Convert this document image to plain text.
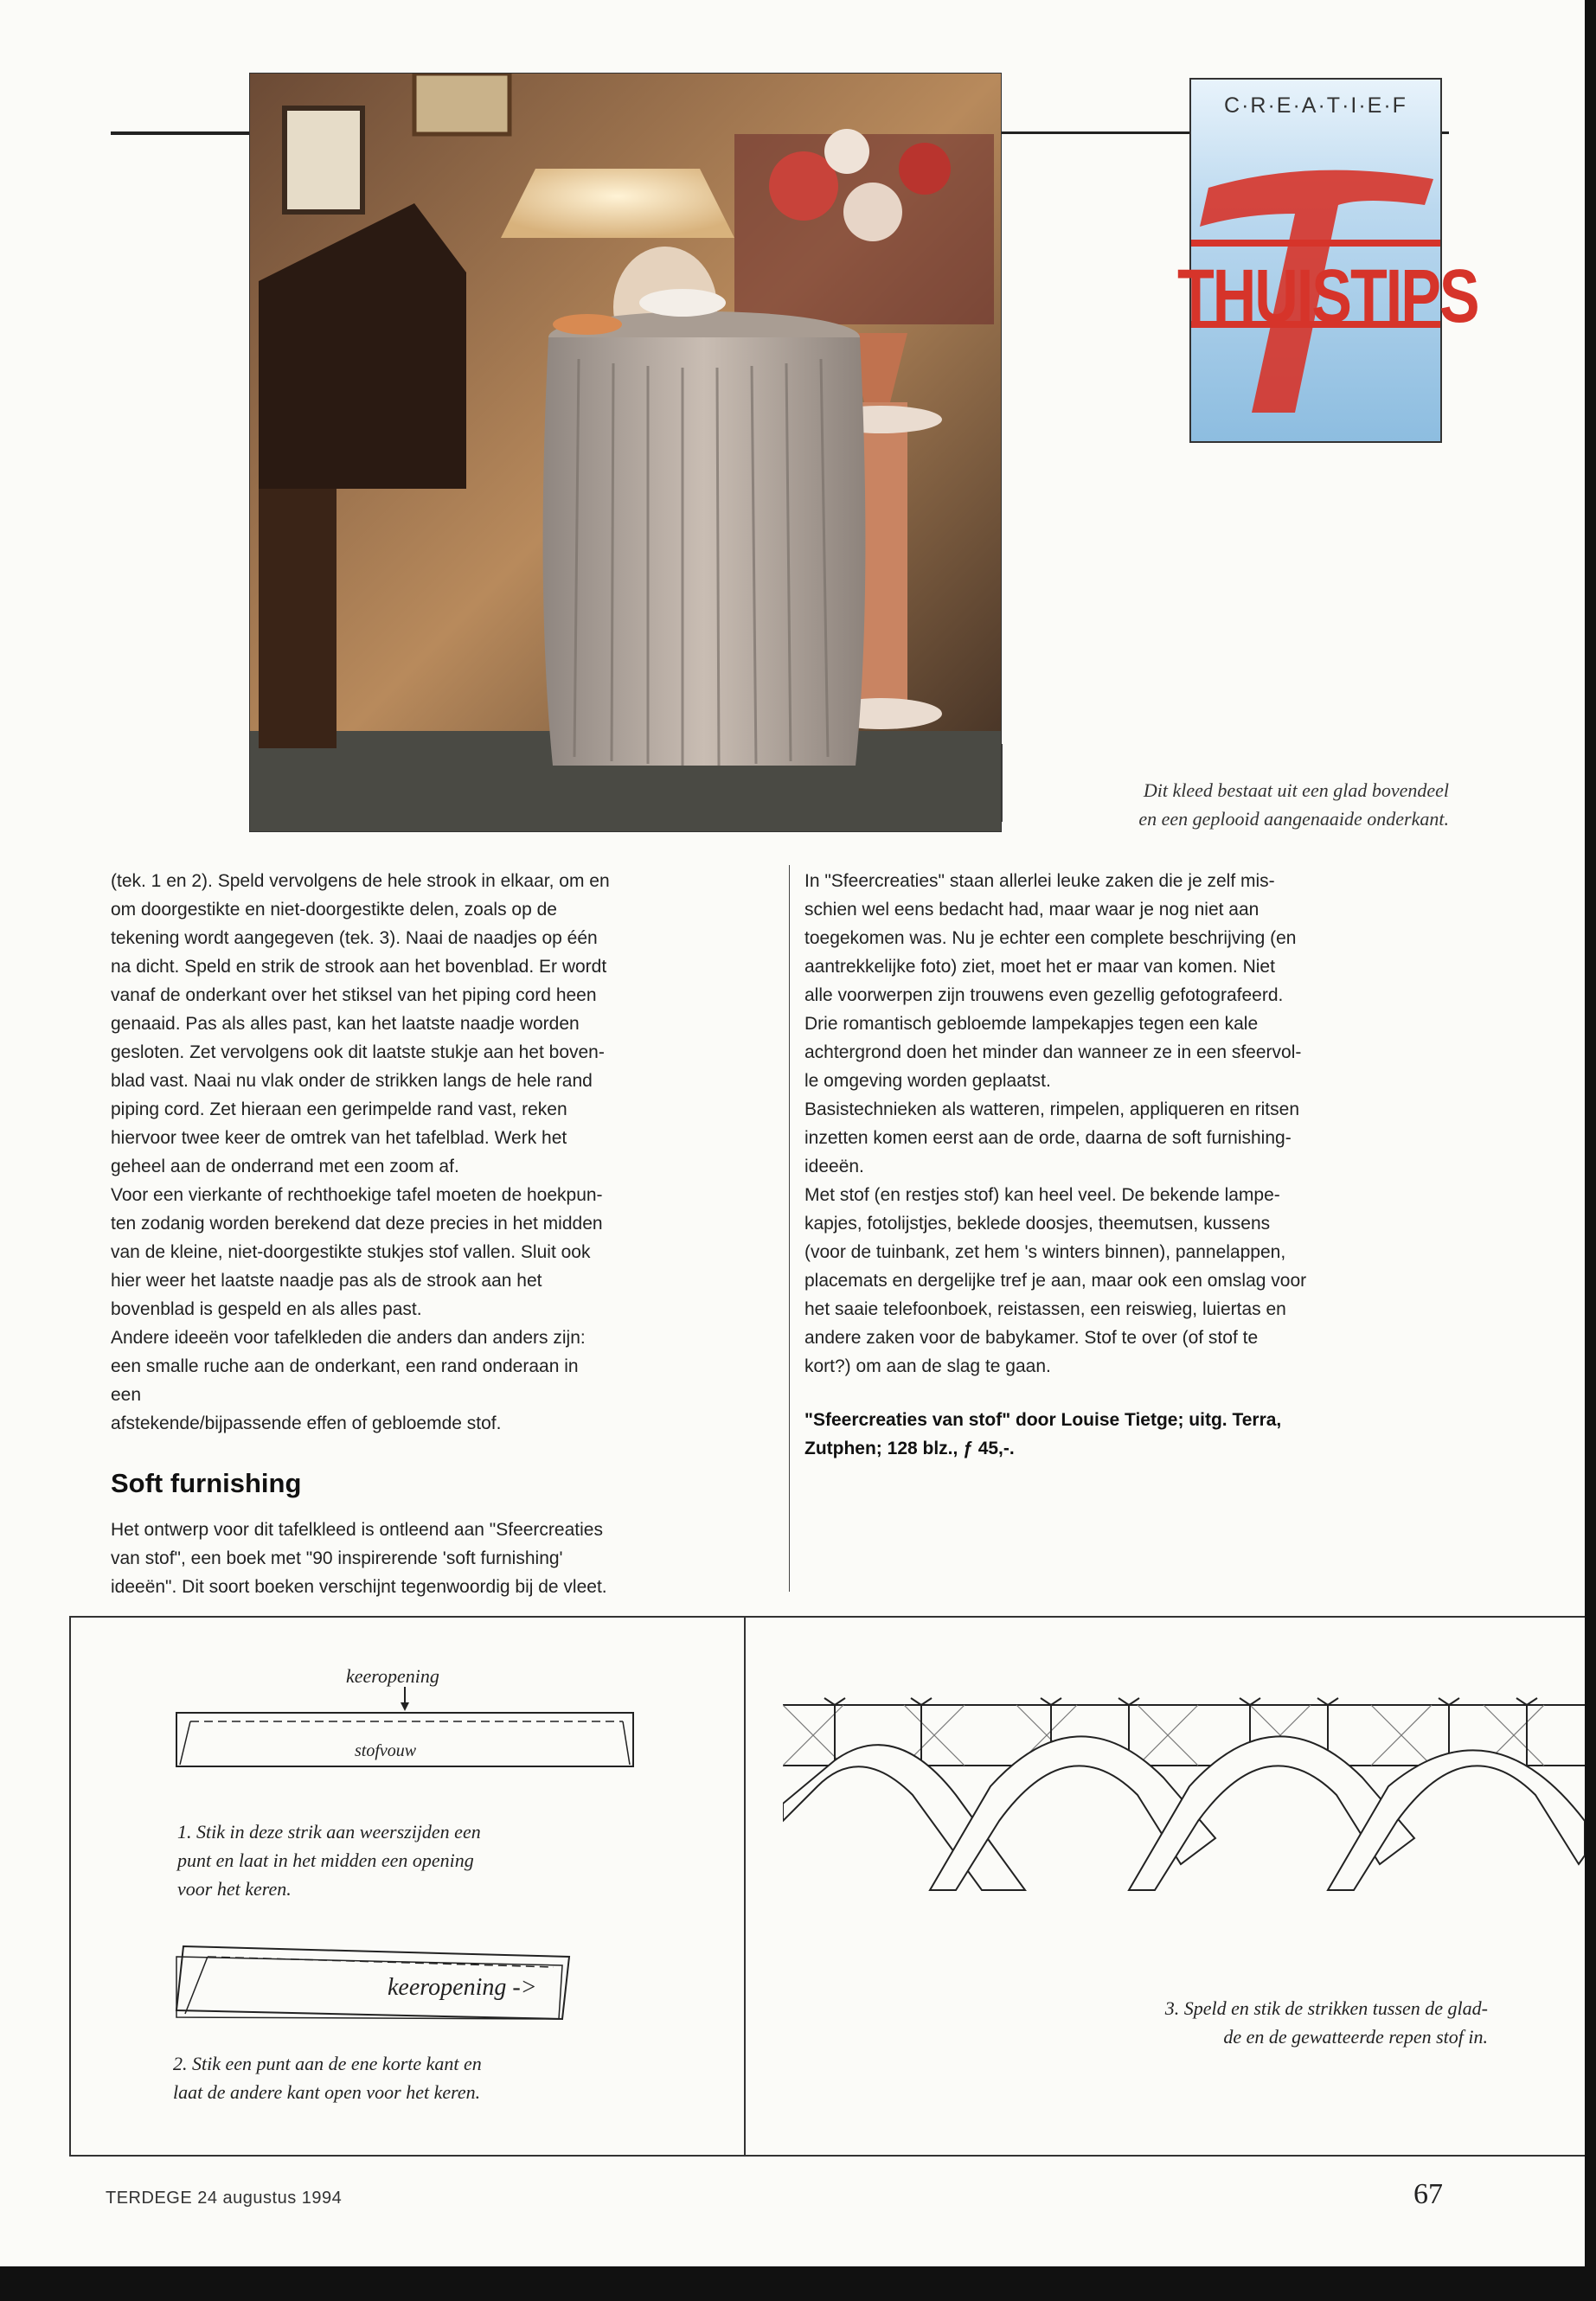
C·R·E·A·T·I·E·F
THUISTIPS
Dit kleed bestaat uit een glad bovendeel
en een geplooid aangenaaide onderkant.

(tek. 1 en 2). Speld vervolgens de hele strook in elkaar, om en

om doorgestikte en niet-doorgestikte delen, zoals op de

tekening wordt aangegeven (tek. 3). Naai de naadjes op één

na dicht. Speld en strik de strook aan het bovenblad. Er wordt

vanaf de onderkant over het stiksel van het piping cord heen

genaaid. Pas als alles past, kan het laatste naadje worden

gesloten. Zet vervolgens ook dit laatste stukje aan het boven-

blad vast. Naai nu vlak onder de strikken langs de hele rand

piping cord. Zet hieraan een gerimpelde rand vast, reken

hiervoor twee keer de omtrek van het tafelblad. Werk het

geheel aan de onderrand met een zoom af.

Voor een vierkante of rechthoekige tafel moeten de hoekpun-

ten zodanig worden berekend dat deze precies in het midden

van de kleine, niet-doorgestikte stukjes stof vallen. Sluit ook

hier weer het laatste naadje pas als de strook aan het

bovenblad is gespeld en als alles past.

Andere ideeën voor tafelkleden die anders dan anders zijn:

een smalle ruche aan de onderkant, een rand onderaan in

een

afstekende/bijpassende effen of gebloemde stof.

Soft furnishing

Het ontwerp voor dit tafelkleed is ontleend aan "Sfeercreaties

van stof", een boek met "90 inspirerende 'soft furnishing'

ideeën". Dit soort boeken verschijnt tegenwoordig bij de vleet.

In "Sfeercreaties" staan allerlei leuke zaken die je zelf mis-

schien wel eens bedacht had, maar waar je nog niet aan

toegekomen was. Nu je echter een complete beschrijving (en

aantrekkelijke foto) ziet, moet het er maar van komen. Niet

alle voorwerpen zijn trouwens even gezellig gefotografeerd.

Drie romantisch gebloemde lampekapjes tegen een kale

achtergrond doen het minder dan wanneer ze in een sfeervol-

le omgeving worden geplaatst.

Basistechnieken als watteren, rimpelen, appliqueren en ritsen

inzetten komen eerst aan de orde, daarna de soft furnishing-

ideeën.

Met stof (en restjes stof) kan heel veel. De bekende lampe-

kapjes, fotolijstjes, beklede doosjes, theemutsen, kussens

(voor de tuinbank, zet hem 's winters binnen), pannelappen,

placemats en dergelijke tref je aan, maar ook een omslag voor

het saaie telefoonboek, reistassen, een reiswieg, luiertas en

andere zaken voor de babykamer. Stof te over (of stof te

kort?) om aan de slag te gaan.

"Sfeercreaties van stof" door Louise Tietge; uitg. Terra,
Zutphen; 128 blz., ƒ 45,-.
keeropening
stofvouw
1. Stik in deze strik aan weerszijden een
punt en laat in het midden een opening
voor het keren.
keeropening ->
2. Stik een punt aan de ene korte kant en
laat de andere kant open voor het keren.
3. Speld en stik de strikken tussen de glad-
de en de gewatteerde repen stof in.
TERDEGE 24 augustus 1994	67
